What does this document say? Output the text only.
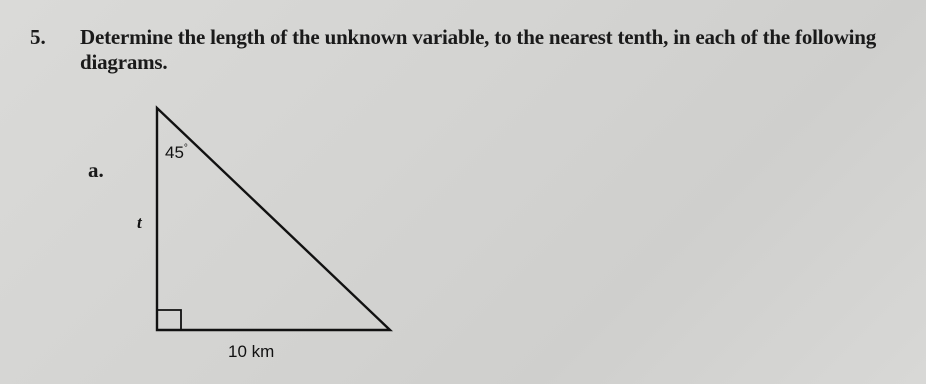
5. Determine the length of the unknown variable, to the nearest tenth, in each of the following diagrams.
a.
45°
t
10 km
